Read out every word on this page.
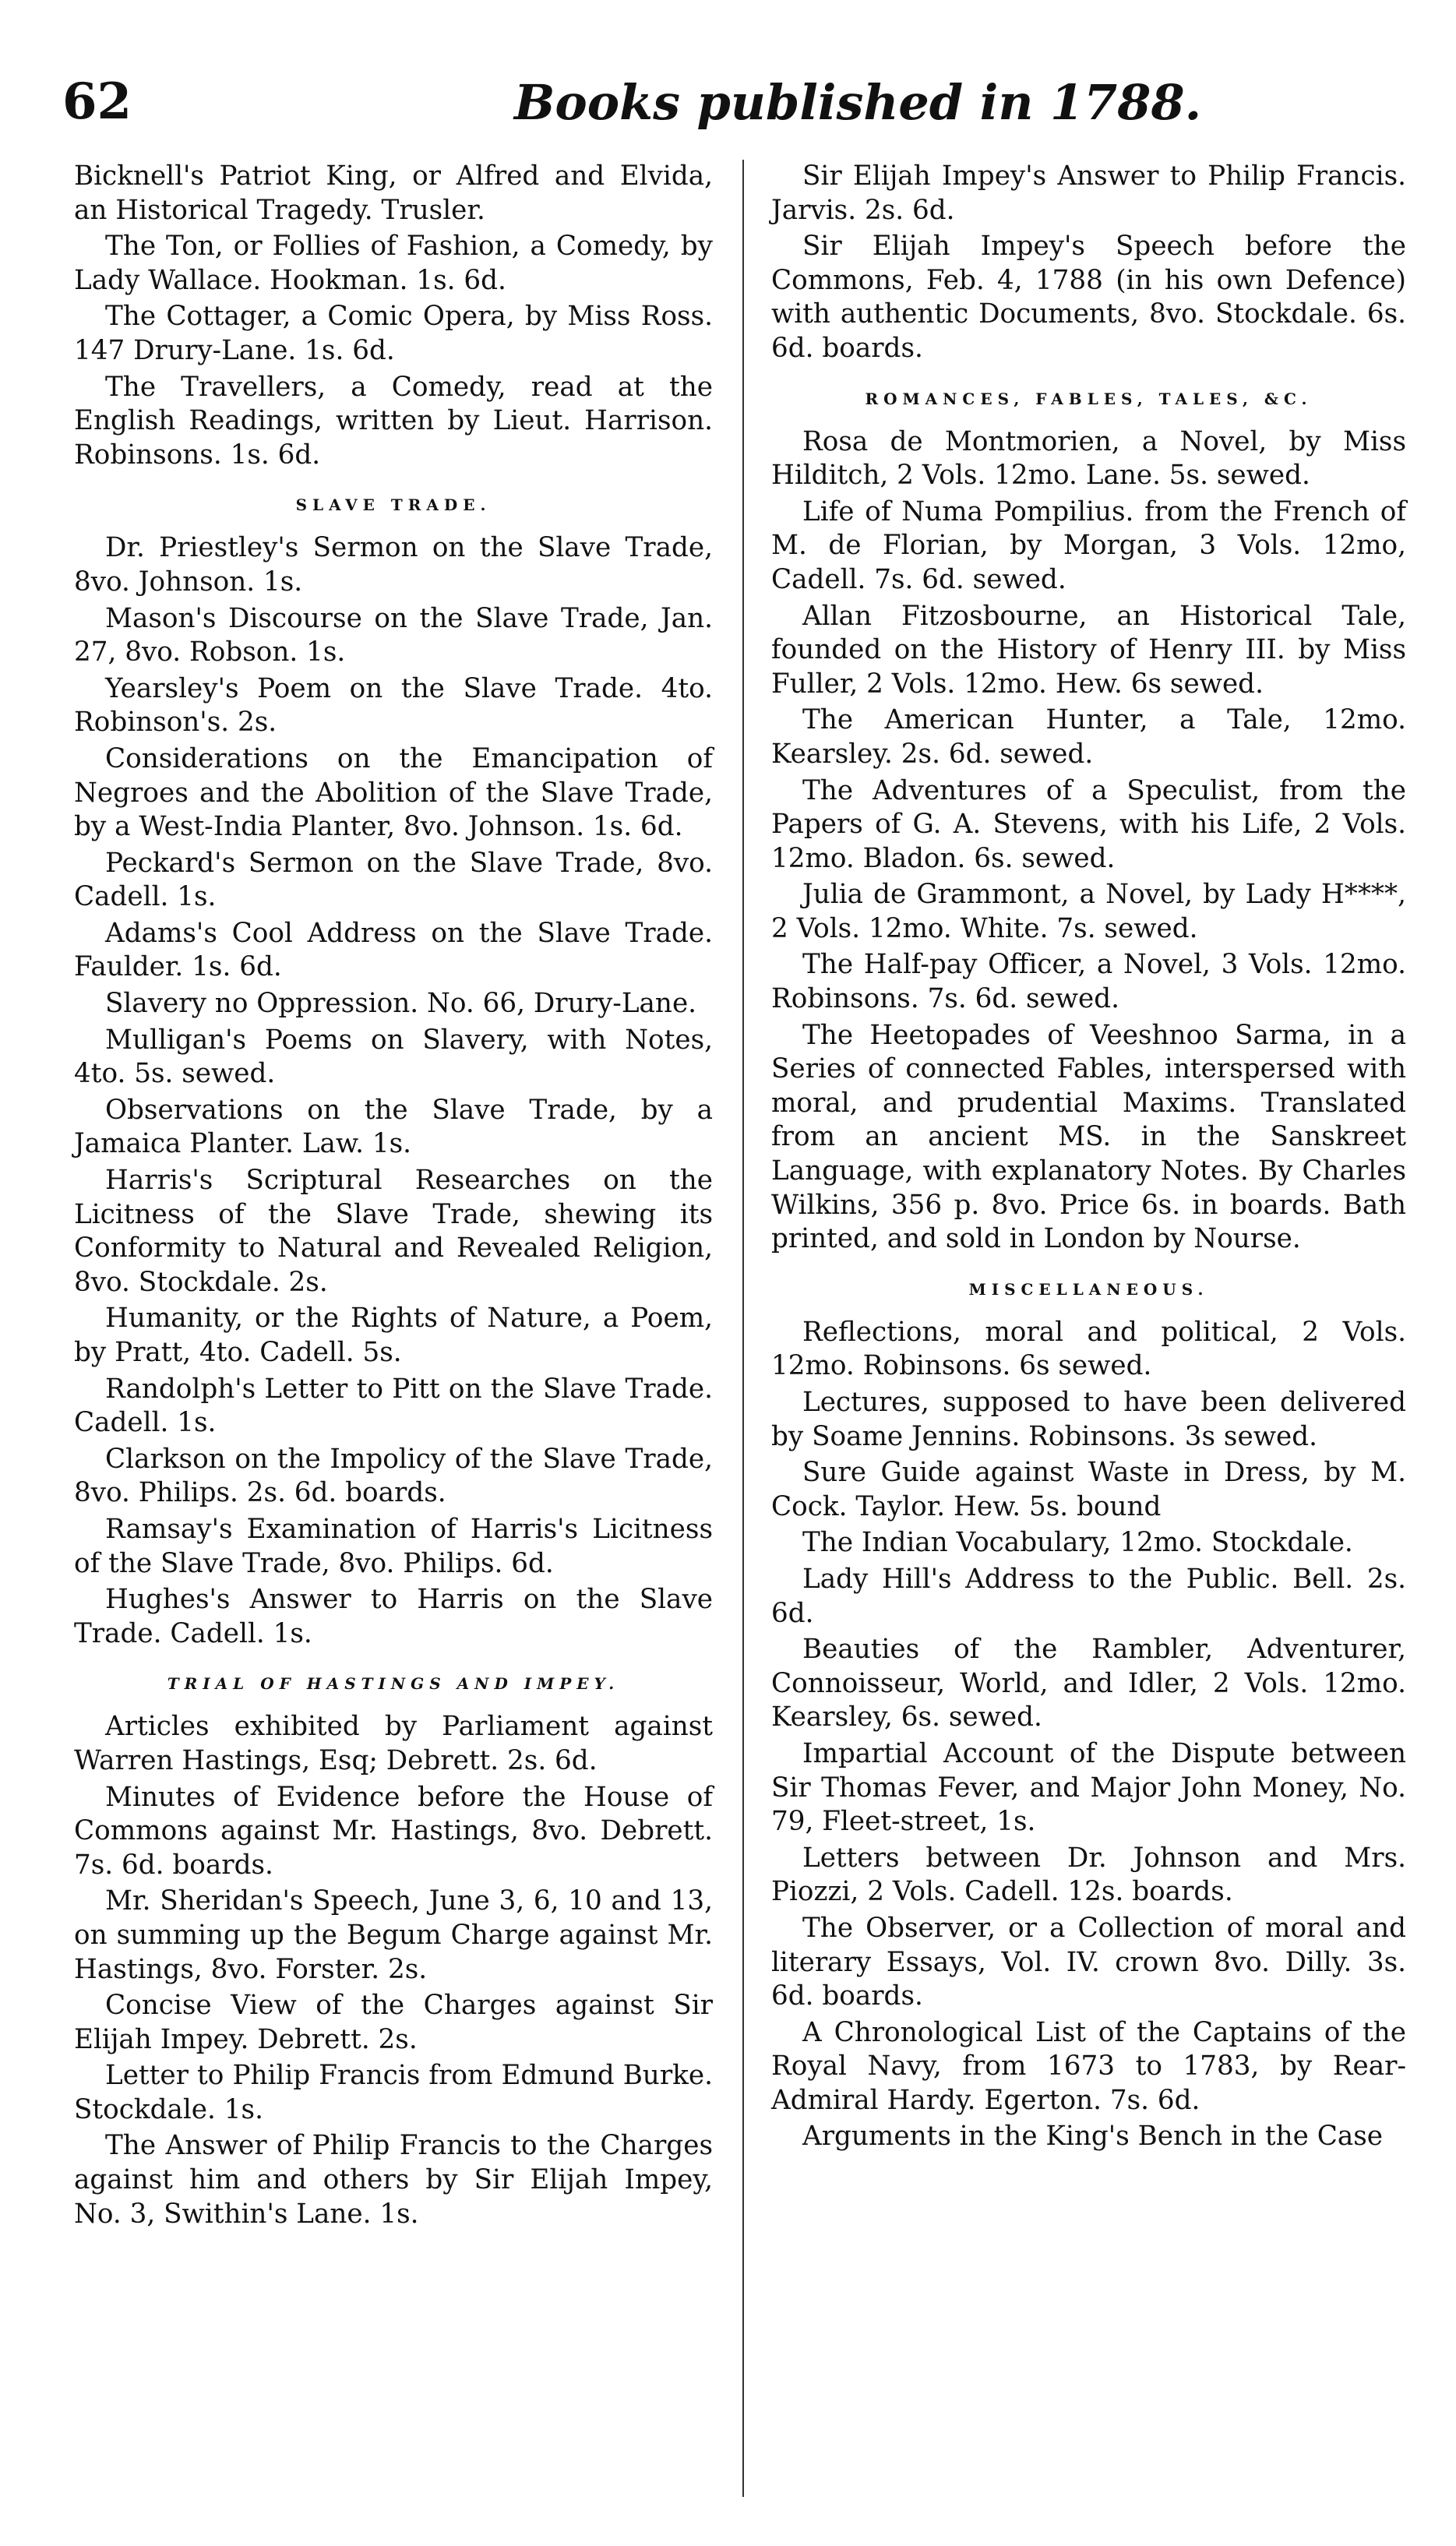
62	Books published in 1788.

Bicknell's Patriot King, or Alfred and Elvida, an Historical Tragedy. Trusler.

The Ton, or Follies of Fashion, a Comedy, by Lady Wallace. Hookman. 1s. 6d.

The Cottager, a Comic Opera, by Miss Ross. 147 Drury-Lane. 1s. 6d.

The Travellers, a Comedy, read at the English Readings, written by Lieut. Harrison. Robinsons. 1s. 6d.

SLAVE TRADE.

Dr. Priestley's Sermon on the Slave Trade, 8vo. Johnson. 1s.

Mason's Discourse on the Slave Trade, Jan. 27, 8vo. Robson. 1s.

Yearsley's Poem on the Slave Trade. 4to. Robinson's. 2s.

Considerations on the Emancipation of Negroes and the Abolition of the Slave Trade, by a West-India Planter, 8vo. Johnson. 1s. 6d.

Peckard's Sermon on the Slave Trade, 8vo. Cadell. 1s.

Adams's Cool Address on the Slave Trade. Faulder. 1s. 6d.

Slavery no Oppression. No. 66, Drury-Lane.

Mulligan's Poems on Slavery, with Notes, 4to. 5s. sewed.

Observations on the Slave Trade, by a Jamaica Planter. Law. 1s.

Harris's Scriptural Researches on the Licitness of the Slave Trade, shewing its Conformity to Natural and Revealed Religion, 8vo. Stockdale. 2s.

Humanity, or the Rights of Nature, a Poem, by Pratt, 4to. Cadell. 5s.

Randolph's Letter to Pitt on the Slave Trade. Cadell. 1s.

Clarkson on the Impolicy of the Slave Trade, 8vo. Philips. 2s. 6d. boards.

Ramsay's Examination of Harris's Licitness of the Slave Trade, 8vo. Philips. 6d.

Hughes's Answer to Harris on the Slave Trade. Cadell. 1s.

TRIAL OF HASTINGS AND IMPEY.

Articles exhibited by Parliament against Warren Hastings, Esq; Debrett. 2s. 6d.

Minutes of Evidence before the House of Commons against Mr. Hastings, 8vo. Debrett. 7s. 6d. boards.

Mr. Sheridan's Speech, June 3, 6, 10 and 13, on summing up the Begum Charge against Mr. Hastings, 8vo. Forster. 2s.

Concise View of the Charges against Sir Elijah Impey. Debrett. 2s.

Letter to Philip Francis from Edmund Burke. Stockdale. 1s.

The Answer of Philip Francis to the Charges against him and others by Sir Elijah Impey, No. 3, Swithin's Lane. 1s.

Sir Elijah Impey's Answer to Philip Francis. Jarvis. 2s. 6d.

Sir Elijah Impey's Speech before the Commons, Feb. 4, 1788 (in his own Defence) with authentic Documents, 8vo. Stockdale. 6s. 6d. boards.

ROMANCES, FABLES, TALES, &C.

Rosa de Montmorien, a Novel, by Miss Hilditch, 2 Vols. 12mo. Lane. 5s. sewed.

Life of Numa Pompilius. from the French of M. de Florian, by Morgan, 3 Vols. 12mo, Cadell. 7s. 6d. sewed.

Allan Fitzosbourne, an Historical Tale, founded on the History of Henry III. by Miss Fuller, 2 Vols. 12mo. Hew. 6s sewed.

The American Hunter, a Tale, 12mo. Kearsley. 2s. 6d. sewed.

The Adventures of a Speculist, from the Papers of G. A. Stevens, with his Life, 2 Vols. 12mo. Bladon. 6s. sewed.

Julia de Grammont, a Novel, by Lady H****, 2 Vols. 12mo. White. 7s. sewed.

The Half-pay Officer, a Novel, 3 Vols. 12mo. Robinsons. 7s. 6d. sewed.

The Heetopades of Veeshnoo Sarma, in a Series of connected Fables, interspersed with moral, and prudential Maxims. Translated from an ancient MS. in the Sanskreet Language, with explanatory Notes. By Charles Wilkins, 356 p. 8vo. Price 6s. in boards. Bath printed, and sold in London by Nourse.

MISCELLANEOUS.

Reflections, moral and political, 2 Vols. 12mo. Robinsons. 6s sewed.

Lectures, supposed to have been delivered by Soame Jennins. Robinsons. 3s sewed.

Sure Guide against Waste in Dress, by M. Cock. Taylor. Hew. 5s. bound

The Indian Vocabulary, 12mo. Stockdale.

Lady Hill's Address to the Public. Bell. 2s. 6d.

Beauties of the Rambler, Adventurer, Connoisseur, World, and Idler, 2 Vols. 12mo. Kearsley, 6s. sewed.

Impartial Account of the Dispute between Sir Thomas Fever, and Major John Money, No. 79, Fleet-street, 1s.

Letters between Dr. Johnson and Mrs. Piozzi, 2 Vols. Cadell. 12s. boards.

The Observer, or a Collection of moral and literary Essays, Vol. IV. crown 8vo. Dilly. 3s. 6d. boards.

A Chronological List of the Captains of the Royal Navy, from 1673 to 1783, by Rear-Admiral Hardy. Egerton. 7s. 6d.

Arguments in the King's Bench in the Case
